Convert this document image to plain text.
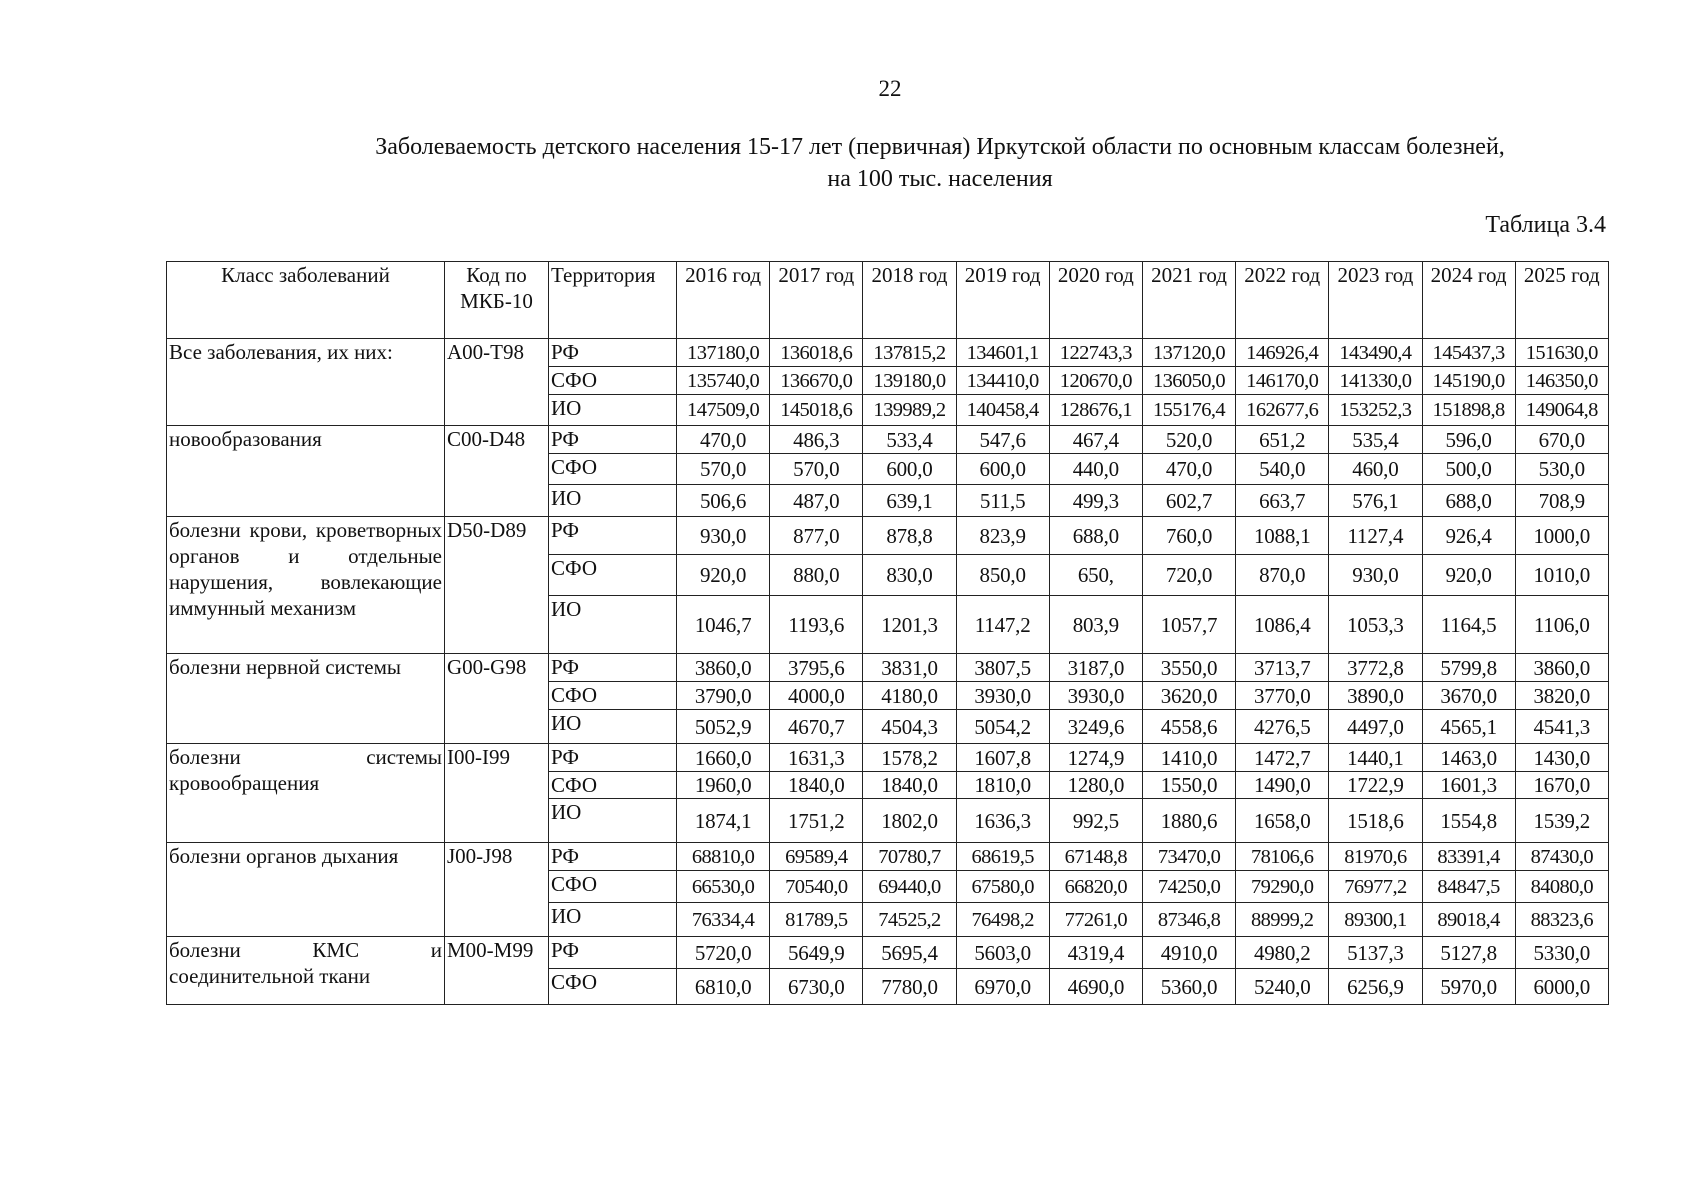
22
Заболеваемость детского населения 15-17 лет (первичная) Иркутской области по основным классам болезней,
на 100 тыс. населения
Таблица 3.4
Класс заболеваний	Код по МКБ-10	Территория	2016 год	2017 год	2018 год	2019 год	2020 год	2021 год	2022 год	2023 год	2024 год	2025 год
Все заболевания, их них:	A00-T98	РФ	137180,0	136018,6	137815,2	134601,1	122743,3	137120,0	146926,4	143490,4	145437,3	151630,0
		СФО	135740,0	136670,0	139180,0	134410,0	120670,0	136050,0	146170,0	141330,0	145190,0	146350,0
		ИО	147509,0	145018,6	139989,2	140458,4	128676,1	155176,4	162677,6	153252,3	151898,8	149064,8
новообразования	C00-D48	РФ	470,0	486,3	533,4	547,6	467,4	520,0	651,2	535,4	596,0	670,0
		СФО	570,0	570,0	600,0	600,0	440,0	470,0	540,0	460,0	500,0	530,0
		ИО	506,6	487,0	639,1	511,5	499,3	602,7	663,7	576,1	688,0	708,9
болезни крови, кроветворных органов и отдельные нарушения, вовлекающие иммунный механизм	D50-D89	РФ	930,0	877,0	878,8	823,9	688,0	760,0	1088,1	1127,4	926,4	1000,0
		СФО	920,0	880,0	830,0	850,0	650,	720,0	870,0	930,0	920,0	1010,0
		ИО	1046,7	1193,6	1201,3	1147,2	803,9	1057,7	1086,4	1053,3	1164,5	1106,0
болезни нервной системы	G00-G98	РФ	3860,0	3795,6	3831,0	3807,5	3187,0	3550,0	3713,7	3772,8	5799,8	3860,0
		СФО	3790,0	4000,0	4180,0	3930,0	3930,0	3620,0	3770,0	3890,0	3670,0	3820,0
		ИО	5052,9	4670,7	4504,3	5054,2	3249,6	4558,6	4276,5	4497,0	4565,1	4541,3
болезни системы кровообращения	I00-I99	РФ	1660,0	1631,3	1578,2	1607,8	1274,9	1410,0	1472,7	1440,1	1463,0	1430,0
		СФО	1960,0	1840,0	1840,0	1810,0	1280,0	1550,0	1490,0	1722,9	1601,3	1670,0
		ИО	1874,1	1751,2	1802,0	1636,3	992,5	1880,6	1658,0	1518,6	1554,8	1539,2
болезни органов дыхания	J00-J98	РФ	68810,0	69589,4	70780,7	68619,5	67148,8	73470,0	78106,6	81970,6	83391,4	87430,0
		СФО	66530,0	70540,0	69440,0	67580,0	66820,0	74250,0	79290,0	76977,2	84847,5	84080,0
		ИО	76334,4	81789,5	74525,2	76498,2	77261,0	87346,8	88999,2	89300,1	89018,4	88323,6
болезни КМС и соединительной ткани	M00-M99	РФ	5720,0	5649,9	5695,4	5603,0	4319,4	4910,0	4980,2	5137,3	5127,8	5330,0
		СФО	6810,0	6730,0	7780,0	6970,0	4690,0	5360,0	5240,0	6256,9	5970,0	6000,0
